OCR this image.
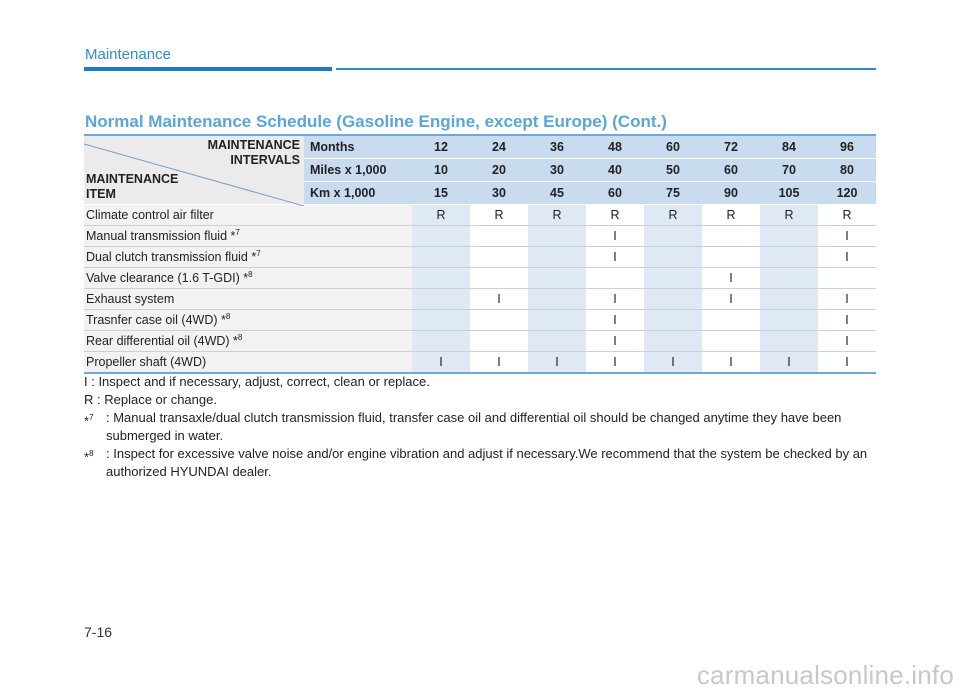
Maintenance
Normal Maintenance Schedule (Gasoline Engine, except Europe) (Cont.)
MAINTENANCE
INTERVALS
MAINTENANCE
ITEM	Months	12	24	36	48	60	72	84	96
	Miles x 1,000	10	20	30	40	50	60	70	80
	Km x 1,000	15	30	45	60	75	90	105	120
Climate control air filter		R	R	R	R	R	R	R	R
Manual transmission fluid *$^7$					I				I
Dual clutch transmission fluid *$^7$					I				I
Valve clearance (1.6 T-GDI) *$^8$							I		
Exhaust system			I		I		I		I
Trasnfer case oil (4WD) *$^8$					I				I
Rear differential oil (4WD) *$^8$					I				I
Propeller shaft (4WD)		I	I	I	I	I	I	I	I
I : Inspect and if necessary, adjust, correct, clean or replace.
R : Replace or change.
*$^7$ : Manual transaxle/dual clutch transmission fluid, transfer case oil and differential oil should be changed anytime they have been submerged in water.
*$^8$ : Inspect for excessive valve noise and/or engine vibration and adjust if necessary.We recommend that the system be checked by an authorized HYUNDAI dealer.
7-16
carmanualsonline.info
